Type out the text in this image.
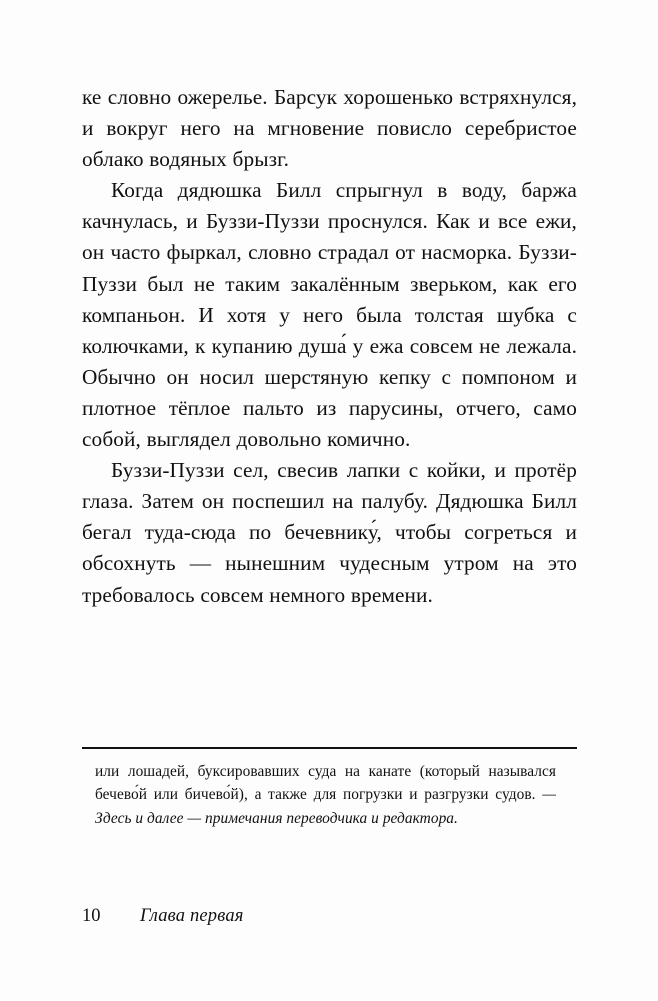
ке словно ожерелье. Барсук хорошенько встряхнулся, и вокруг него на мгновение повисло серебристое облако водяных брызг.

Когда дядюшка Билл спрыгнул в воду, баржа качнулась, и Буззи-Пуззи проснулся. Как и все ежи, он часто фыркал, словно страдал от насморка. Буззи-Пуззи был не таким закалённым зверьком, как его компаньон. И хотя у него была толстая шубка с колючками, к купанию душа́ у ежа совсем не лежала. Обычно он носил шерстяную кепку с помпоном и плотное тёплое пальто из парусины, отчего, само собой, выглядел довольно комично.

Буззи-Пуззи сел, свесив лапки с койки, и протёр глаза. Затем он поспешил на палубу. Дядюшка Билл бегал туда-сюда по бечевнику́, чтобы согреться и обсохнуть — нынешним чудесным утром на это требовалось совсем немного времени.

или лошадей, буксировавших суда на канате (который назывался бечево́й или бичево́й), а также для погрузки и разгрузки судов. — Здесь и далее — примечания переводчика и редактора.

10	Глава первая
